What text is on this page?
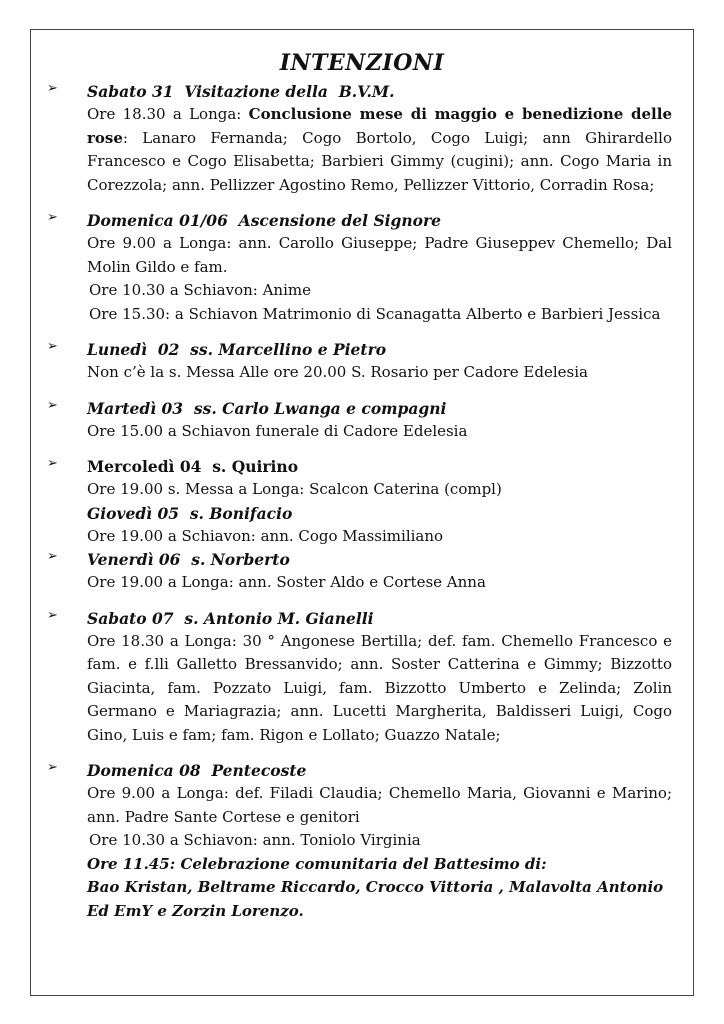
INTENZIONI
➢ Sabato 31  Visitazione della  B.V.M.
Ore 18.30 a Longa: Conclusione mese di maggio e benedizione delle rose: Lanaro Fernanda; Cogo Bortolo, Cogo Luigi; ann Ghirardello Francesco e Cogo Elisabetta; Barbieri Gimmy (cugini); ann. Cogo Maria in Corezzola; ann. Pellizzer Agostino Remo, Pellizzer Vittorio, Corradin Rosa;
➢ Domenica 01/06  Ascensione del Signore
Ore 9.00 a Longa: ann. Carollo Giuseppe; Padre Giuseppev Chemello; Dal Molin Gildo e fam.
Ore 10.30 a Schiavon: Anime
Ore 15.30: a Schiavon Matrimonio di Scanagatta Alberto e Barbieri Jessica
➢ Lunedì  02  ss. Marcellino e Pietro
Non c’è la s. Messa Alle ore 20.00 S. Rosario per Cadore Edelesia
➢ Martedì 03  ss. Carlo Lwanga e compagni
Ore 15.00 a Schiavon funerale di Cadore Edelesia
➢ Mercoledì 04  s. Quirino
Ore 19.00 s. Messa a Longa: Scalcon Caterina (compl)
Giovedì 05  s. Bonifacio
Ore 19.00 a Schiavon: ann. Cogo Massimiliano
➢ Venerdì 06  s. Norberto
Ore 19.00 a Longa: ann. Soster Aldo e Cortese Anna
➢ Sabato 07  s. Antonio M. Gianelli
Ore 18.30 a Longa: 30 ° Angonese Bertilla; def. fam. Chemello Francesco e fam. e f.lli Galletto Bressanvido; ann. Soster Catterina e Gimmy; Bizzotto Giacinta, fam. Pozzato Luigi, fam. Bizzotto Umberto e Zelinda; Zolin Germano e Mariagrazia; ann. Lucetti Margherita, Baldisseri Luigi, Cogo Gino, Luis e fam; fam. Rigon e Lollato; Guazzo Natale;
➢ Domenica 08  Pentecoste
Ore 9.00 a Longa: def. Filadi Claudia; Chemello Maria, Giovanni e Marino; ann. Padre Sante Cortese e genitori
Ore 10.30 a Schiavon: ann. Toniolo Virginia
Ore 11.45: Celebrazione comunitaria del Battesimo di:
Bao Kristan, Beltrame Riccardo, Crocco Vittoria , Malavolta Antonio
Ed EmY e Zorzin Lorenzo.
